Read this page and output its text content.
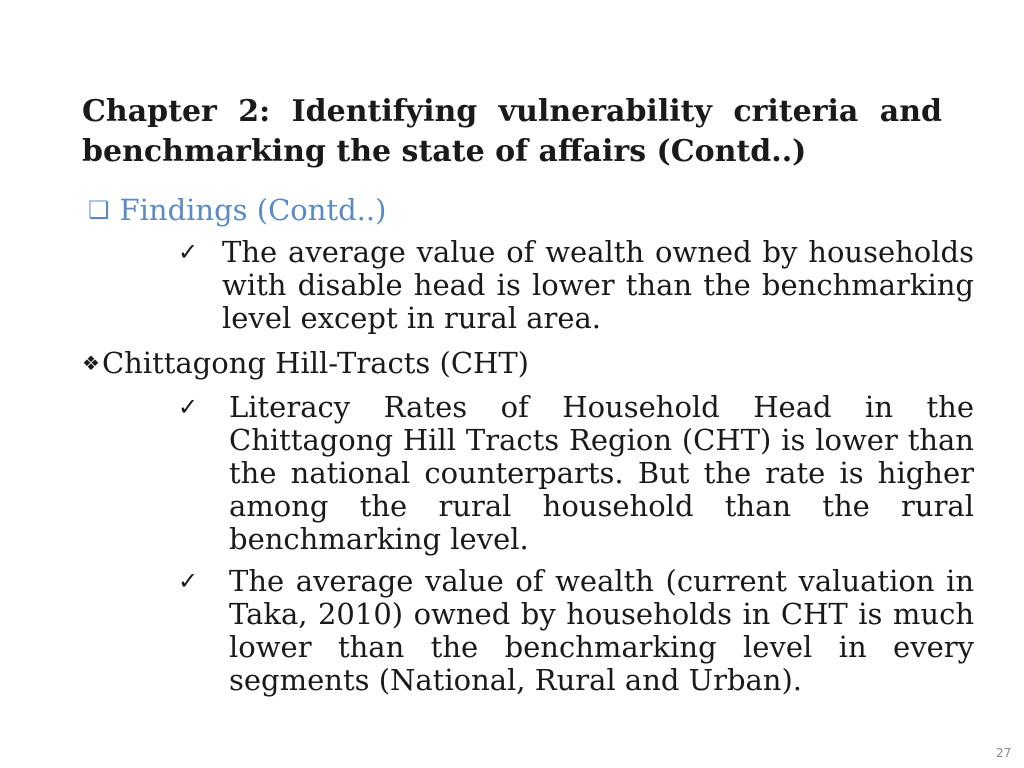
Chapter 2: Identifying vulnerability criteria and benchmarking the state of affairs (Contd..)
❑ Findings (Contd..)
✓ The average value of wealth owned by households with disable head is lower than the benchmarking level except in rural area.
❖ Chittagong Hill-Tracts (CHT)
✓	Literacy Rates of Household Head in the Chittagong Hill Tracts Region (CHT) is lower than the national counterparts. But the rate is higher among the rural household than the rural benchmarking level.
✓	The average value of wealth (current valuation in Taka, 2010) owned by households in CHT is much lower than the benchmarking level in every segments (National, Rural and Urban).
27
